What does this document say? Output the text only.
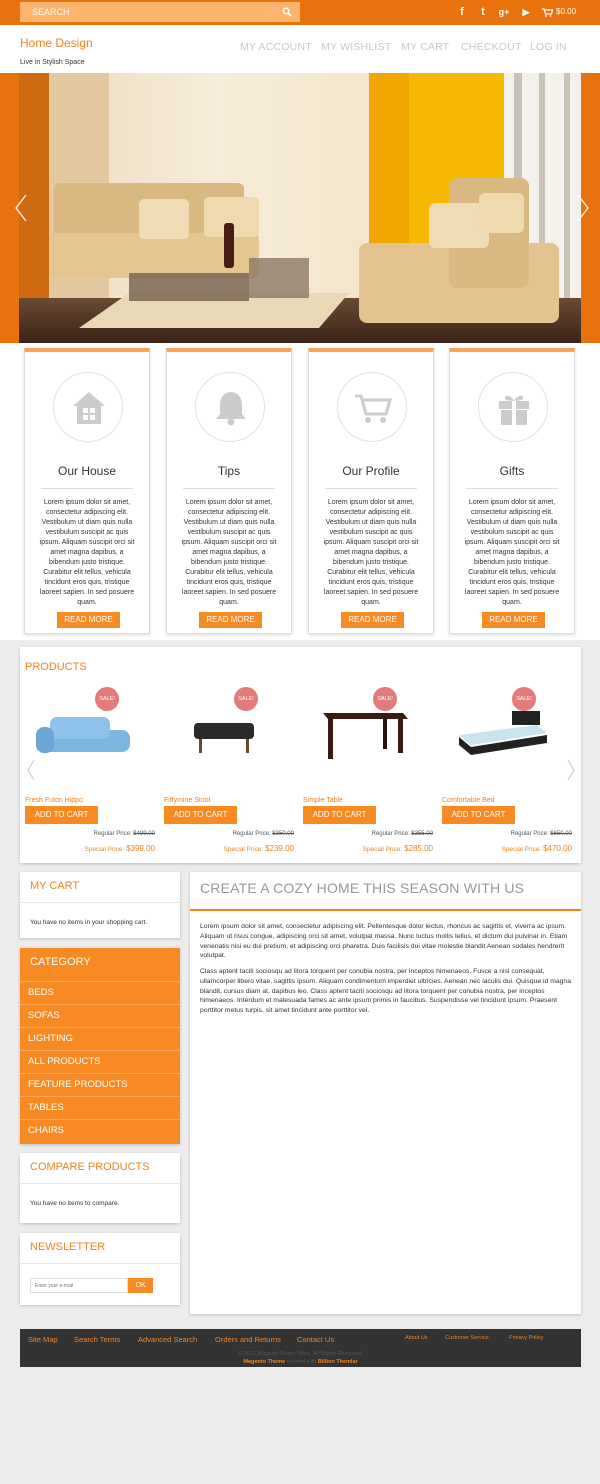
SEARCH
f	t	g+	▶	$0.00
Home Design
Live in Stylish Space
MY ACCOUNT MY WISHLIST MY CART CHECKOUT LOG IN
Our House

Lorem ipsum dolor sit amet, consectetur adipiscing elit. Vestibulum ut diam quis nulla vestibulum suscipit ac quis ipsum. Aliquam suscipit orci sit amet magna dapibus, a bibendum justo tristique. Curabitur elit tellus, vehicula tincidunt eros quis, tristique laoreet sapien. In sed posuere quam.

READ MORE
Tips

Lorem ipsum dolor sit amet, consectetur adipiscing elit. Vestibulum ut diam quis nulla vestibulum suscipit ac quis ipsum. Aliquam suscipit orci sit amet magna dapibus, a bibendum justo tristique. Curabitur elit tellus, vehicula tincidunt eros quis, tristique laoreet sapien. In sed posuere quam.

READ MORE
Our Profile

Lorem ipsum dolor sit amet, consectetur adipiscing elit. Vestibulum ut diam quis nulla vestibulum suscipit ac quis ipsum. Aliquam suscipit orci sit amet magna dapibus, a bibendum justo tristique. Curabitur elit tellus, vehicula tincidunt eros quis, tristique laoreet sapien. In sed posuere quam.

READ MORE
Gifts

Lorem ipsum dolor sit amet, consectetur adipiscing elit. Vestibulum ut diam quis nulla vestibulum suscipit ac quis ipsum. Aliquam suscipit orci sit amet magna dapibus, a bibendum justo tristique. Curabitur elit tellus, vehicula tincidunt eros quis, tristique laoreet sapien. In sed posuere quam.

READ MORE
PRODUCTS
SALE!
Fresh Futon Hippo
ADD TO CART
Regular Price: $499.00
Special Price: $399.00
SALE!
Fiffymine Stool
ADD TO CART
Regular Price: $350.00
Special Price: $239.00
SALE!
Simple Table
ADD TO CART
Regular Price: $355.00
Special Price: $285.00
SALE!
Comfortable Bed
ADD TO CART
Regular Price: $650.00
Special Price: $470.00
MY CART
You have no items in your shopping cart.
CATEGORY
BEDS
SOFAS
LIGHTING
ALL PRODUCTS
FEATURE PRODUCTS
TABLES
CHAIRS
COMPARE PRODUCTS
You have no items to compare.
NEWSLETTER
Enter your e-mail
OK
CREATE A COZY HOME THIS SEASON WITH US

Lorem ipsum dolor sit amet, consectetur adipiscing elit. Pellentesque dolor lectus, rhoncus ac sagittis et, viverra ac ipsum. Aliquam ut risus congue, adipiscing orci sit amet, volutpat massa. Nunc luctus mollis tellus, et dictum dui pulvinar in. Etiam venenatis nisi eu dui pretium, et adipiscing orci pharetra. Duis facilisis dui vitae molestie blandit Aenean sodales hendrerit volutpat.

Class aptent taciti sociosqu ad litora torquent per conubia nostra, per inceptos himenaeos. Fusce a nisl consequat, ullamcorper libero vitae, sagittis ipsum. Aliquam condimentum imperdiet ultricies. Aenean nec iaculis dui. Quisque id magna blandit, cursus diam at, dapibus leo. Class aptent taciti sociosqu ad litora torquent per conubia nostra, per inceptos himenaeos. Interdum et malesuada fames ac ante ipsum primis in faucibus. Suspendisse vel tincidunt ipsum. Praesent porttitor metus turpis, sit amet tincidunt ante porttitor vel.

Site Map Search Terms Advanced Search Orders and Returns Contact Us	About Us	Customer Service	Privacy Policy
© 2012 Magento Demo Store. All Rights Reserved.
Magento Theme created with Billion Themlar
